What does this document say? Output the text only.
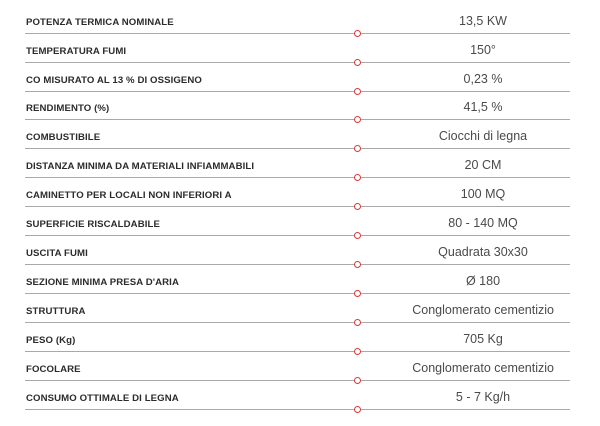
POTENZA TERMICA NOMINALE	13,5 KW
TEMPERATURA FUMI	150°
CO MISURATO AL 13 % DI OSSIGENO	0,23 %
RENDIMENTO (%)	41,5 %
COMBUSTIBILE	Ciocchi di legna
DISTANZA MINIMA DA MATERIALI INFIAMMABILI	20 CM
CAMINETTO PER LOCALI NON INFERIORI A	100 MQ
SUPERFICIE RISCALDABILE	80 - 140 MQ
USCITA FUMI	Quadrata 30x30
SEZIONE MINIMA PRESA D'ARIA	Ø 180
STRUTTURA	Conglomerato cementizio
PESO (Kg)	705 Kg
FOCOLARE	Conglomerato cementizio
CONSUMO OTTIMALE DI LEGNA	5 - 7 Kg/h
